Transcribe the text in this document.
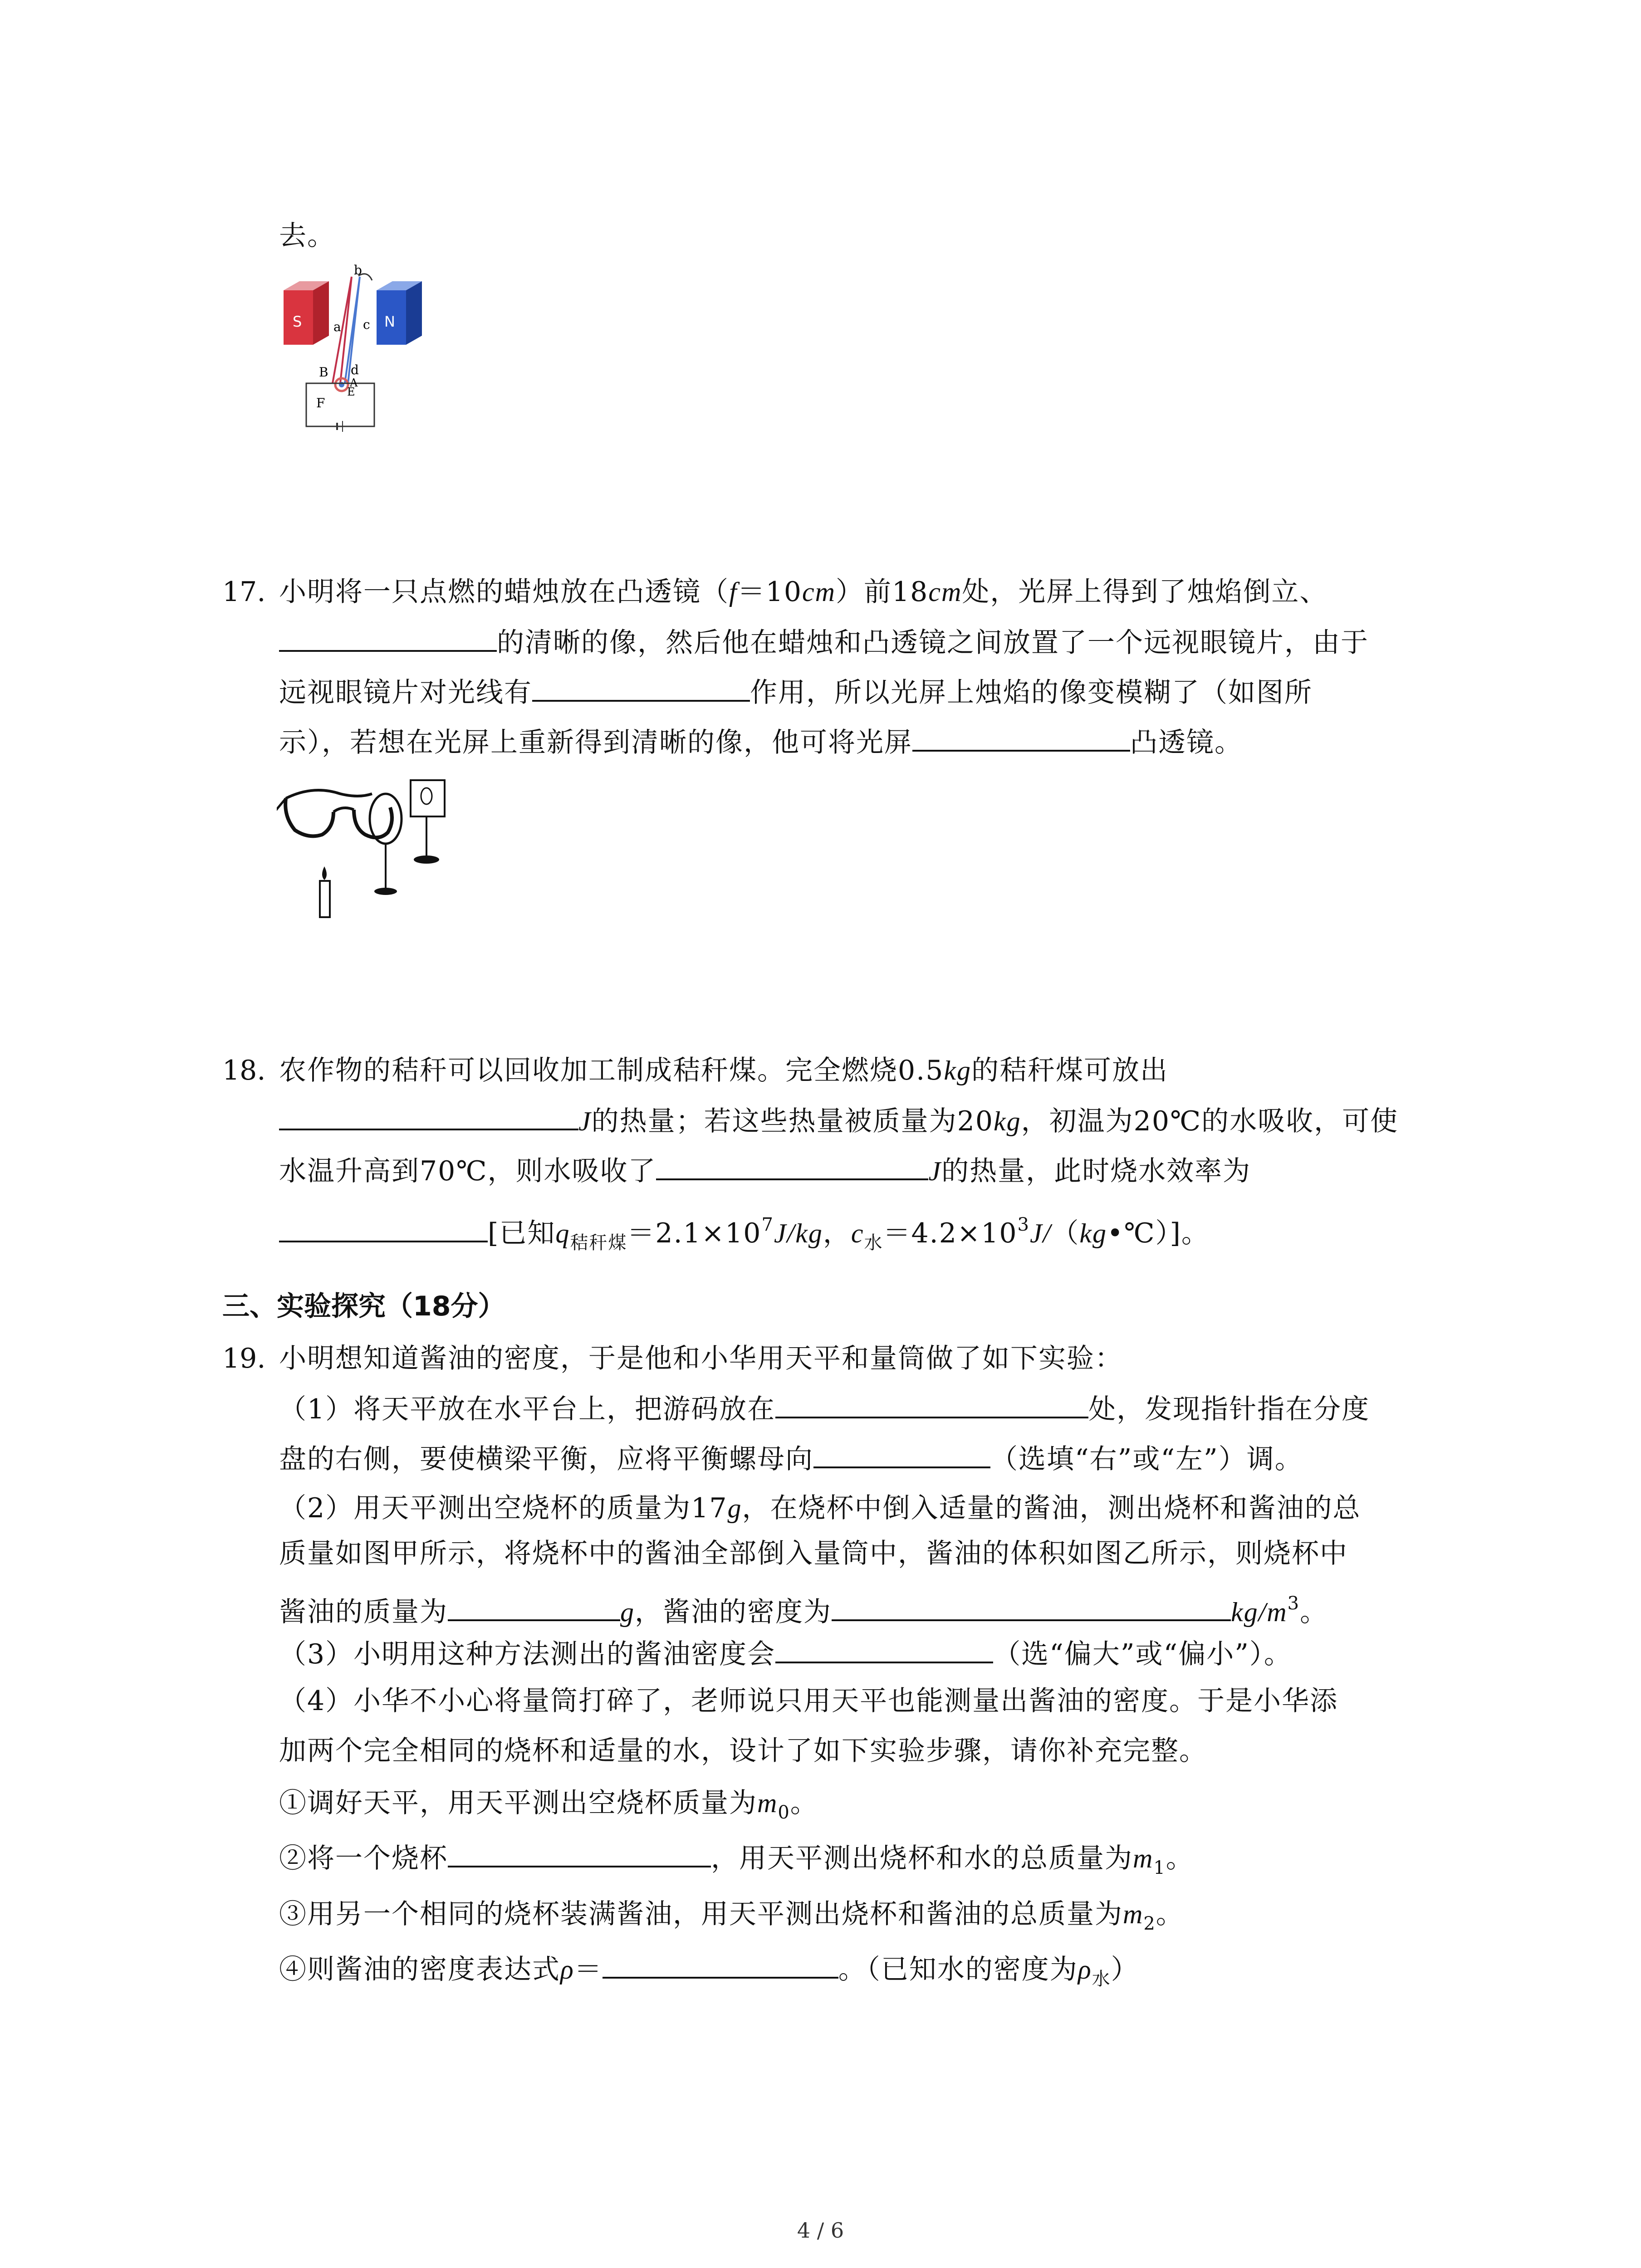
去。
S	N
b
a c
d
B
A
E
F
17. 小明将一只点燃的蜡烛放在凸透镜（f＝10cm）前18cm处，光屏上得到了烛焰倒立、
的清晰的像，然后他在蜡烛和凸透镜之间放置了一个远视眼镜片，由于
远视眼镜片对光线有	作用，所以光屏上烛焰的像变模糊了（如图所
示），若想在光屏上重新得到清晰的像，他可将光屏	凸透镜。
18. 农作物的秸秆可以回收加工制成秸秆煤。完全燃烧0.5kg的秸秆煤可放出
J的热量；若这些热量被质量为20kg，初温为20℃的水吸收，可使
水温升高到70℃，则水吸收了	J的热量，此时烧水效率为
[已知$q_{秸秆煤}=2.1\times 10^7J/kg$，$c_水=4.2\times 10^3J/(kg•℃)$]。
三、实验探究（18分）
19. 小明想知道酱油的密度，于是他和小华用天平和量筒做了如下实验：
（1）将天平放在水平台上，把游码放在	处，发现指针指在分度
盘的右侧，要使横梁平衡，应将平衡螺母向	（选填“右”或“左”）调。
（2）用天平测出空烧杯的质量为17g，在烧杯中倒入适量的酱油，测出烧杯和酱油的总
质量如图甲所示，将烧杯中的酱油全部倒入量筒中，酱油的体积如图乙所示，则烧杯中
酱油的质量为	g，酱油的密度为	$kg/m^3$。
（3）小明用这种方法测出的酱油密度会	（选“偏大”或“偏小”）。
（4）小华不小心将量筒打碎了，老师说只用天平也能测量出酱油的密度。于是小华添
加两个完全相同的烧杯和适量的水，设计了如下实验步骤，请你补充完整。
①调好天平，用天平测出空烧杯质量为$m_0$。
②将一个烧杯	，用天平测出烧杯和水的总质量为$m_1$。
③用另一个相同的烧杯装满酱油，用天平测出烧杯和酱油的总质量为$m_2$。
④则酱油的密度表达式ρ＝	。（已知水的密度为$\rho_水$）
4 / 6
